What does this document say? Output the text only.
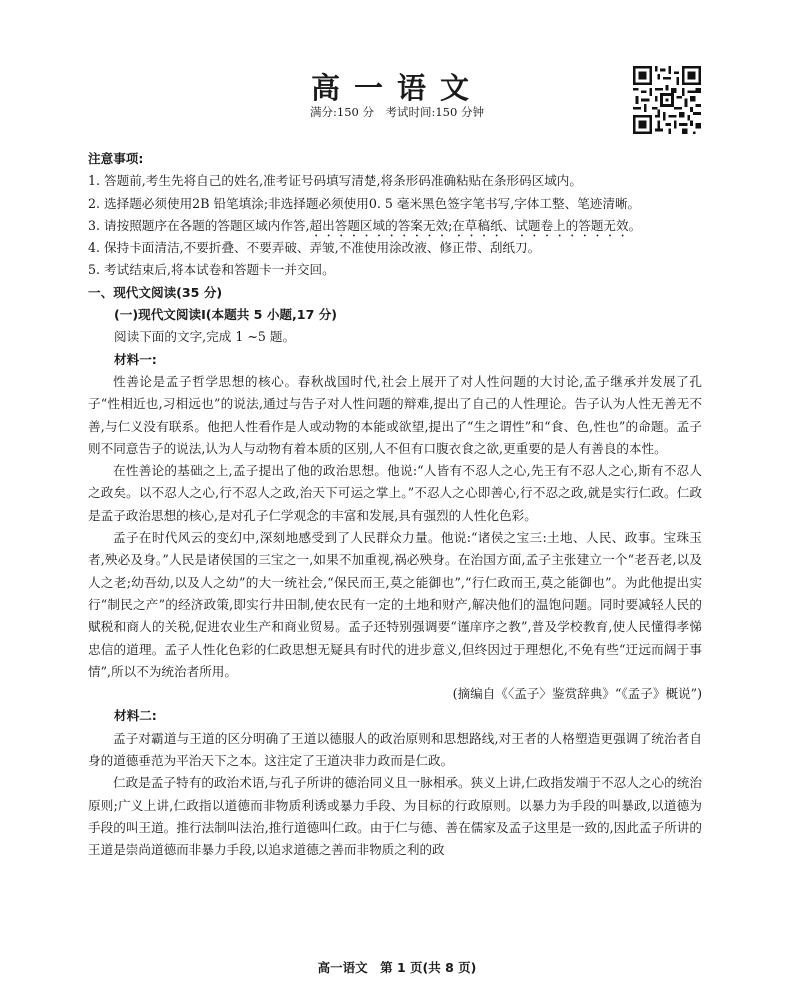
高一语文
满分:150 分　考试时间:150 分钟
注意事项:
1. 答题前,考生先将自己的姓名,准考证号码填写清楚,将条形码准确粘贴在条形码区域内。
2. 选择题必须使用2B 铅笔填涂;非选择题必须使用0. 5 毫米黑色签字笔书写,字体工整、笔迹清晰。
3. 请按照题序在各题的答题区域内作答,超出答题区域的答案无效;在草稿纸、试题卷上的答题无效。
4. 保持卡面清洁,不要折叠、不要弄破、弄皱,不准使用涂改液、修正带、刮纸刀。
5. 考试结束后,将本试卷和答题卡一并交回。
一、现代文阅读(35 分)
(一)现代文阅读Ⅰ(本题共 5 小题,17 分)
阅读下面的文字,完成 1 ~5 题。
材料一:

性善论是孟子哲学思想的核心。春秋战国时代,社会上展开了对人性问题的大讨论,孟子继承并发展了孔子“性相近也,习相远也”的说法,通过与告子对人性问题的辩难,提出了自己的人性理论。告子认为人性无善无不善,与仁义没有联系。他把人性看作是人或动物的本能或欲望,提出了“生之谓性”和“食、色,性也”的命题。孟子则不同意告子的说法,认为人与动物有着本质的区别,人不但有口腹衣食之欲,更重要的是人有善良的本性。

在性善论的基础之上,孟子提出了他的政治思想。他说:“人皆有不忍人之心,先王有不忍人之心,斯有不忍人之政矣。以不忍人之心,行不忍人之政,治天下可运之掌上。”不忍人之心即善心,行不忍之政,就是实行仁政。仁政是孟子政治思想的核心,是对孔子仁学观念的丰富和发展,具有强烈的人性化色彩。

孟子在时代风云的变幻中,深刻地感受到了人民群众力量。他说:“诸侯之宝三:土地、人民、政事。宝珠玉者,殃必及身。”人民是诸侯国的三宝之一,如果不加重视,祸必殃身。在治国方面,孟子主张建立一个“老吾老,以及人之老;幼吾幼,以及人之幼”的大一统社会,“保民而王,莫之能御也”,“行仁政而王,莫之能御也”。为此他提出实行“制民之产”的经济政策,即实行井田制,使农民有一定的土地和财产,解决他们的温饱问题。同时要减轻人民的赋税和商人的关税,促进农业生产和商业贸易。孟子还特别强调要“谨庠序之教”,普及学校教育,使人民懂得孝悌忠信的道理。孟子人性化色彩的仁政思想无疑具有时代的进步意义,但终因过于理想化,不免有些“迂远而阔于事情”,所以不为统治者所用。

(摘编自《〈孟子〉鉴赏辞典》“《孟子》概说”)
材料二:

孟子对霸道与王道的区分明确了王道以德服人的政治原则和思想路线,对王者的人格塑造更强调了统治者自身的道德垂范为平治天下之本。这注定了王道决非力政而是仁政。

仁政是孟子特有的政治术语,与孔子所讲的德治同义且一脉相承。狭义上讲,仁政指发端于不忍人之心的统治原则;广义上讲,仁政指以道德而非物质利诱或暴力手段、为目标的行政原则。以暴力为手段的叫暴政,以道德为手段的叫王道。推行法制叫法治,推行道德叫仁政。由于仁与德、善在儒家及孟子这里是一致的,因此孟子所讲的王道是崇尚道德而非暴力手段,以追求道德之善而非物质之利的政

高一语文　第 1 页(共 8 页)
